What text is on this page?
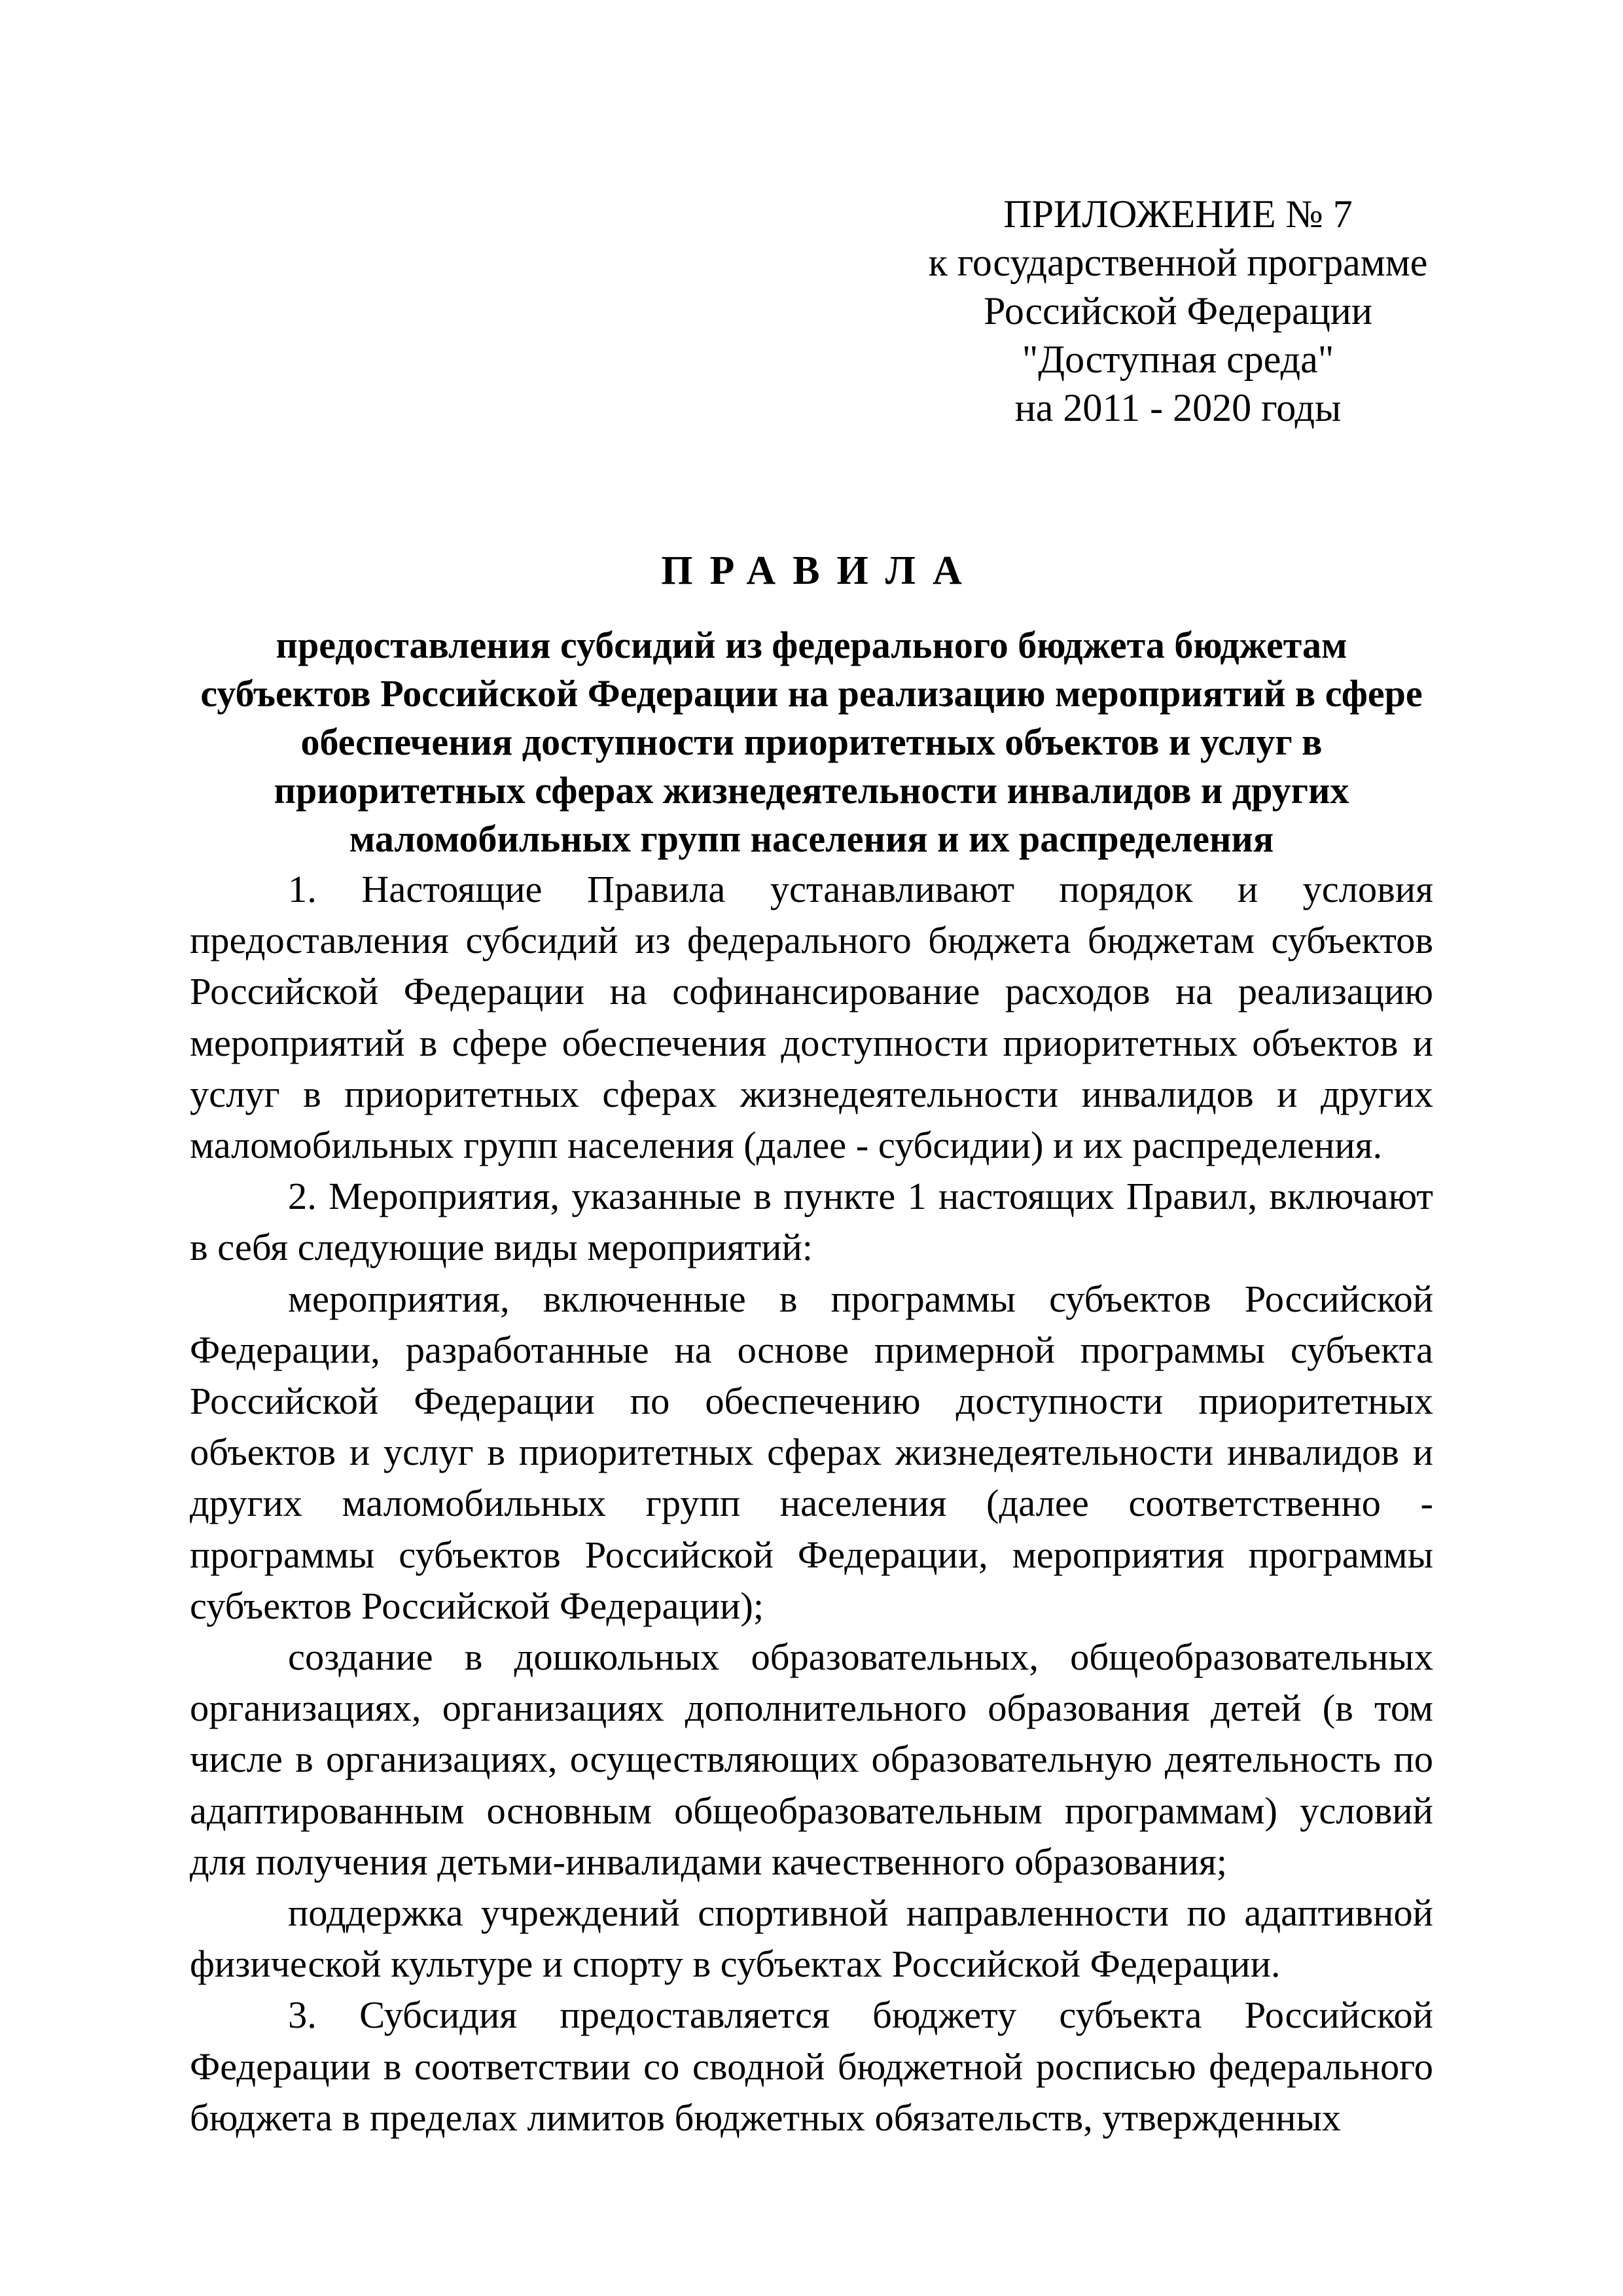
ПРИЛОЖЕНИЕ № 7
к государственной программе
Российской Федерации
"Доступная среда"
на 2011 - 2020 годы
ПРАВИЛА
предоставления субсидий из федерального бюджета бюджетам
субъектов Российской Федерации на реализацию мероприятий в сфере
обеспечения доступности приоритетных объектов и услуг в
приоритетных сферах жизнедеятельности инвалидов и других
маломобильных групп населения и их распределения

1. Настоящие Правила устанавливают порядок и условия предоставления субсидий из федерального бюджета бюджетам субъектов Российской Федерации на софинансирование расходов на реализацию мероприятий в сфере обеспечения доступности приоритетных объектов и услуг в приоритетных сферах жизнедеятельности инвалидов и других маломобильных групп населения (далее - субсидии) и их распределения.

2. Мероприятия, указанные в пункте 1 настоящих Правил, включают в себя следующие виды мероприятий:

мероприятия, включенные в программы субъектов Российской Федерации, разработанные на основе примерной программы субъекта Российской Федерации по обеспечению доступности приоритетных объектов и услуг в приоритетных сферах жизнедеятельности инвалидов и других маломобильных групп населения (далее соответственно - программы субъектов Российской Федерации, мероприятия программы субъектов Российской Федерации);

создание в дошкольных образовательных, общеобразовательных организациях, организациях дополнительного образования детей (в том числе в организациях, осуществляющих образовательную деятельность по адаптированным основным общеобразовательным программам) условий для получения детьми-инвалидами качественного образования;

поддержка учреждений спортивной направленности по адаптивной физической культуре и спорту в субъектах Российской Федерации.

3. Субсидия предоставляется бюджету субъекта Российской Федерации в соответствии со сводной бюджетной росписью федерального бюджета в пределах лимитов бюджетных обязательств, утвержденных
